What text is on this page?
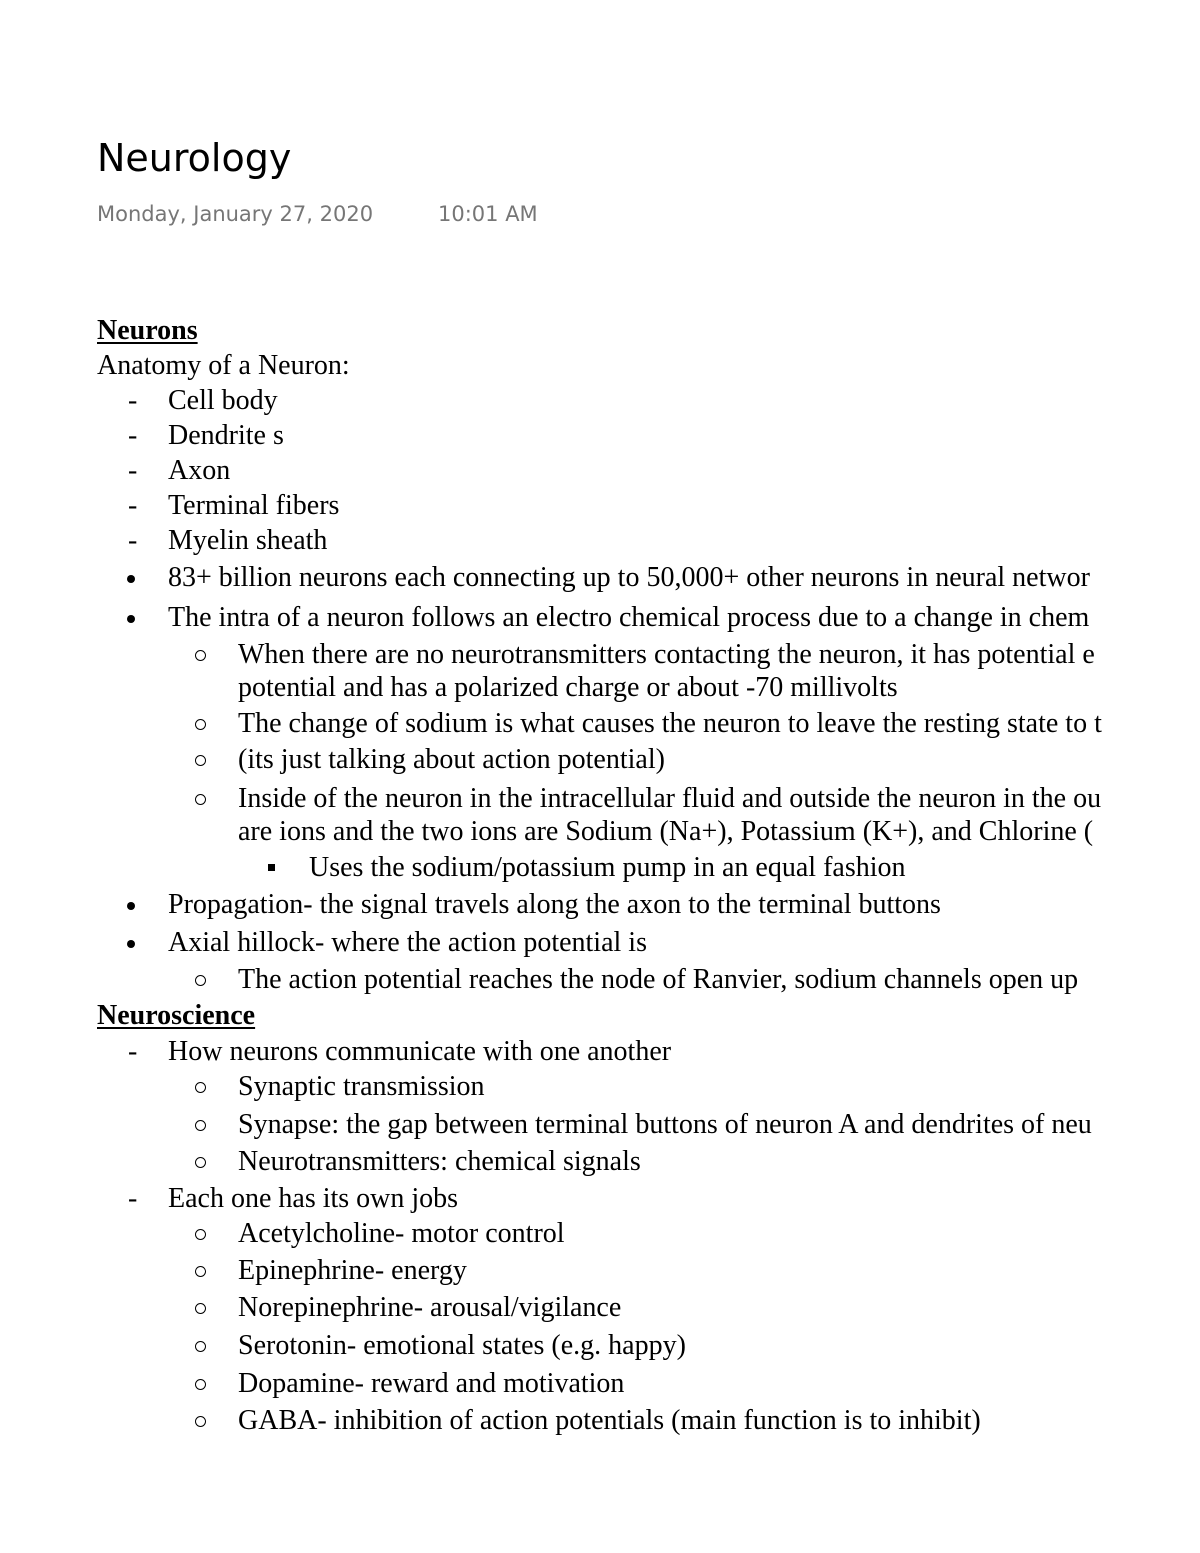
Neurology
Monday, January 27, 2020	10:01 AM
Neurons
Anatomy of a Neuron:
- Cell body
- Dendrite s
- Axon
- Terminal fibers
- Myelin sheath
83+ billion neurons each connecting up to 50,000+ other neurons in neural networ
The intra of a neuron follows an electro chemical process due to a change in chem
When there are no neurotransmitters contacting the neuron, it has potential e
potential and has a polarized charge or about -70 millivolts
The change of sodium is what causes the neuron to leave the resting state to t
(its just talking about action potential)
Inside of the neuron in the intracellular fluid and outside the neuron in the ou
are ions and the two ions are Sodium (Na+), Potassium (K+), and Chlorine (
Uses the sodium/potassium pump in an equal fashion
Propagation- the signal travels along the axon to the terminal buttons
Axial hillock- where the action potential is
The action potential reaches the node of Ranvier, sodium channels open up
Neuroscience
- How neurons communicate with one another
Synaptic transmission
Synapse: the gap between terminal buttons of neuron A and dendrites of neu
Neurotransmitters: chemical signals
- Each one has its own jobs
Acetylcholine- motor control
Epinephrine- energy
Norepinephrine- arousal/vigilance
Serotonin- emotional states (e.g. happy)
Dopamine- reward and motivation
GABA- inhibition of action potentials (main function is to inhibit)
